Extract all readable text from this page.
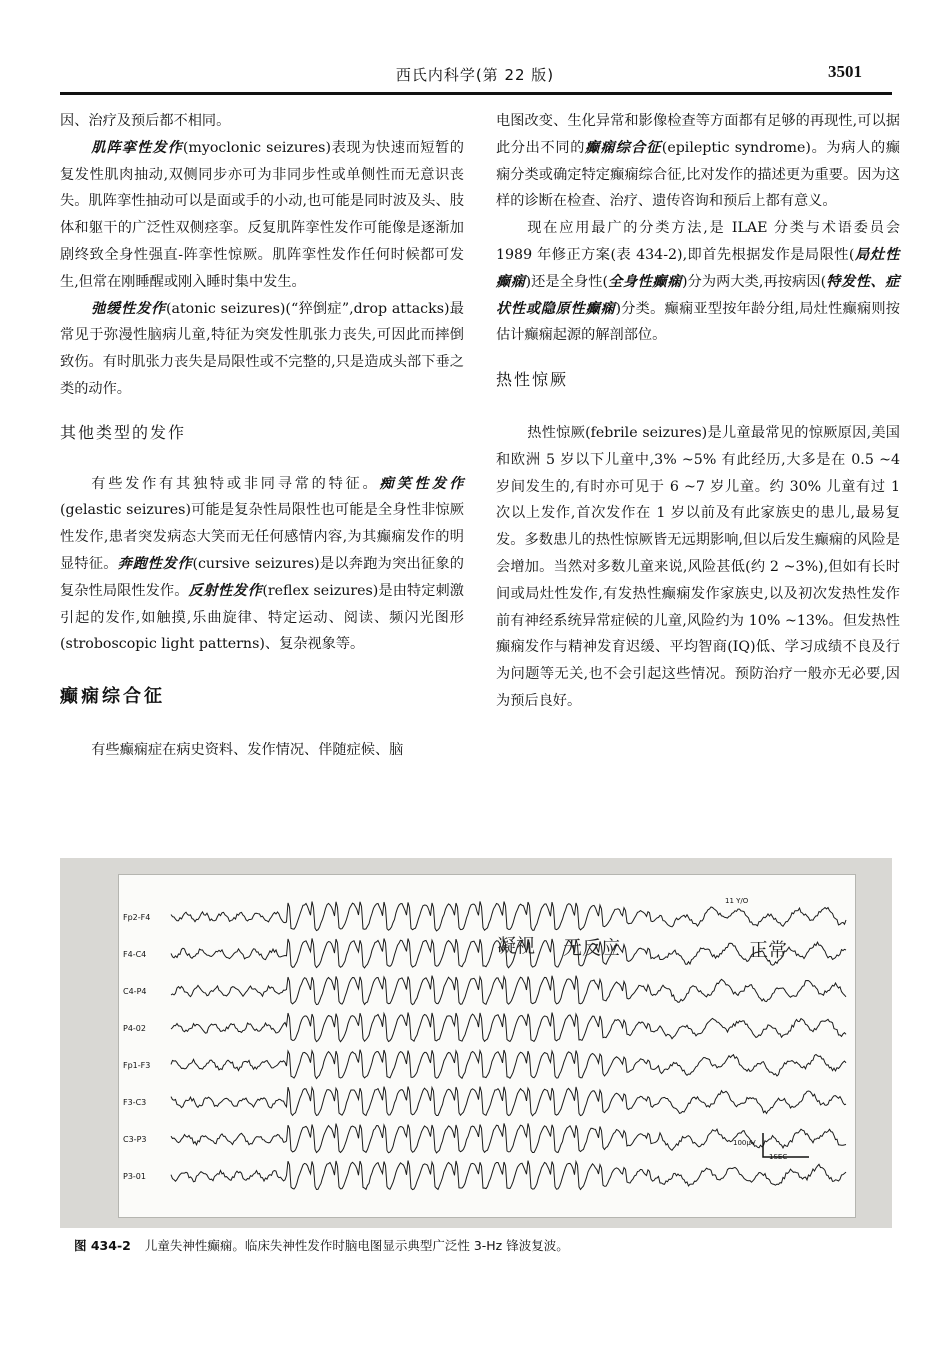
西氏内科学(第 22 版)	3501

因、治疗及预后都不相同。

肌阵挛性发作(myoclonic seizures)表现为快速而短暂的复发性肌肉抽动,双侧同步亦可为非同步性或单侧性而无意识丧失。肌阵挛性抽动可以是面或手的小动,也可能是同时波及头、肢体和躯干的广泛性双侧痉挛。反复肌阵挛性发作可能像是逐渐加剧终致全身性强直-阵挛性惊厥。肌阵挛性发作任何时候都可发生,但常在刚睡醒或刚入睡时集中发生。

弛缓性发作(atonic seizures)(“猝倒症”,drop attacks)最常见于弥漫性脑病儿童,特征为突发性肌张力丧失,可因此而摔倒致伤。有时肌张力丧失是局限性或不完整的,只是造成头部下垂之类的动作。

其他类型的发作

有些发作有其独特或非同寻常的特征。痴笑性发作(gelastic seizures)可能是复杂性局限性也可能是全身性非惊厥性发作,患者突发病态大笑而无任何感情内容,为其癫痫发作的明显特征。奔跑性发作(cursive seizures)是以奔跑为突出征象的复杂性局限性发作。反射性发作(reflex seizures)是由特定刺激引起的发作,如触摸,乐曲旋律、特定运动、阅读、频闪光图形(stroboscopic light patterns)、复杂视象等。

癫痫综合征

有些癫痫症在病史资料、发作情况、伴随症候、脑

电图改变、生化异常和影像检查等方面都有足够的再现性,可以据此分出不同的癫痫综合征(epileptic syndrome)。为病人的癫痫分类或确定特定癫痫综合征,比对发作的描述更为重要。因为这样的诊断在检查、治疗、遗传咨询和预后上都有意义。

现在应用最广的分类方法,是 ILAE 分类与术语委员会 1989 年修正方案(表 434-2),即首先根据发作是局限性(局灶性癫痫)还是全身性(全身性癫痫)分为两大类,再按病因(特发性、症状性或隐原性癫痫)分类。癫痫亚型按年龄分组,局灶性癫痫则按估计癫痫起源的解剖部位。

热性惊厥

热性惊厥(febrile seizures)是儿童最常见的惊厥原因,美国和欧洲 5 岁以下儿童中,3% ~5% 有此经历,大多是在 0.5 ~4 岁间发生的,有时亦可见于 6 ~7 岁儿童。约 30% 儿童有过 1 次以上发作,首次发作在 1 岁以前及有此家族史的患儿,最易复发。多数患儿的热性惊厥皆无远期影响,但以后发生癫痫的风险是会增加。当然对多数儿童来说,风险甚低(约 2 ~3%),但如有长时间或局灶性发作,有发热性癫痫发作家族史,以及初次发热性发作前有神经系统异常症候的儿童,风险约为 10% ~13%。但发热性癫痫发作与精神发育迟缓、平均智商(IQ)低、学习成绩不良及行为问题等无关,也不会引起这些情况。预防治疗一般亦无必要,因为预后良好。

Fp2-F4
F4-C4
C4-P4
P4-02
Fp1-F3
F3-C3
C3-P3
P3-01
11 Y/O
凝视 无反应	正常
100μV
1SEC
图 434-2 儿童失神性癫痫。临床失神性发作时脑电图显示典型广泛性 3-Hz 锋波复波。
